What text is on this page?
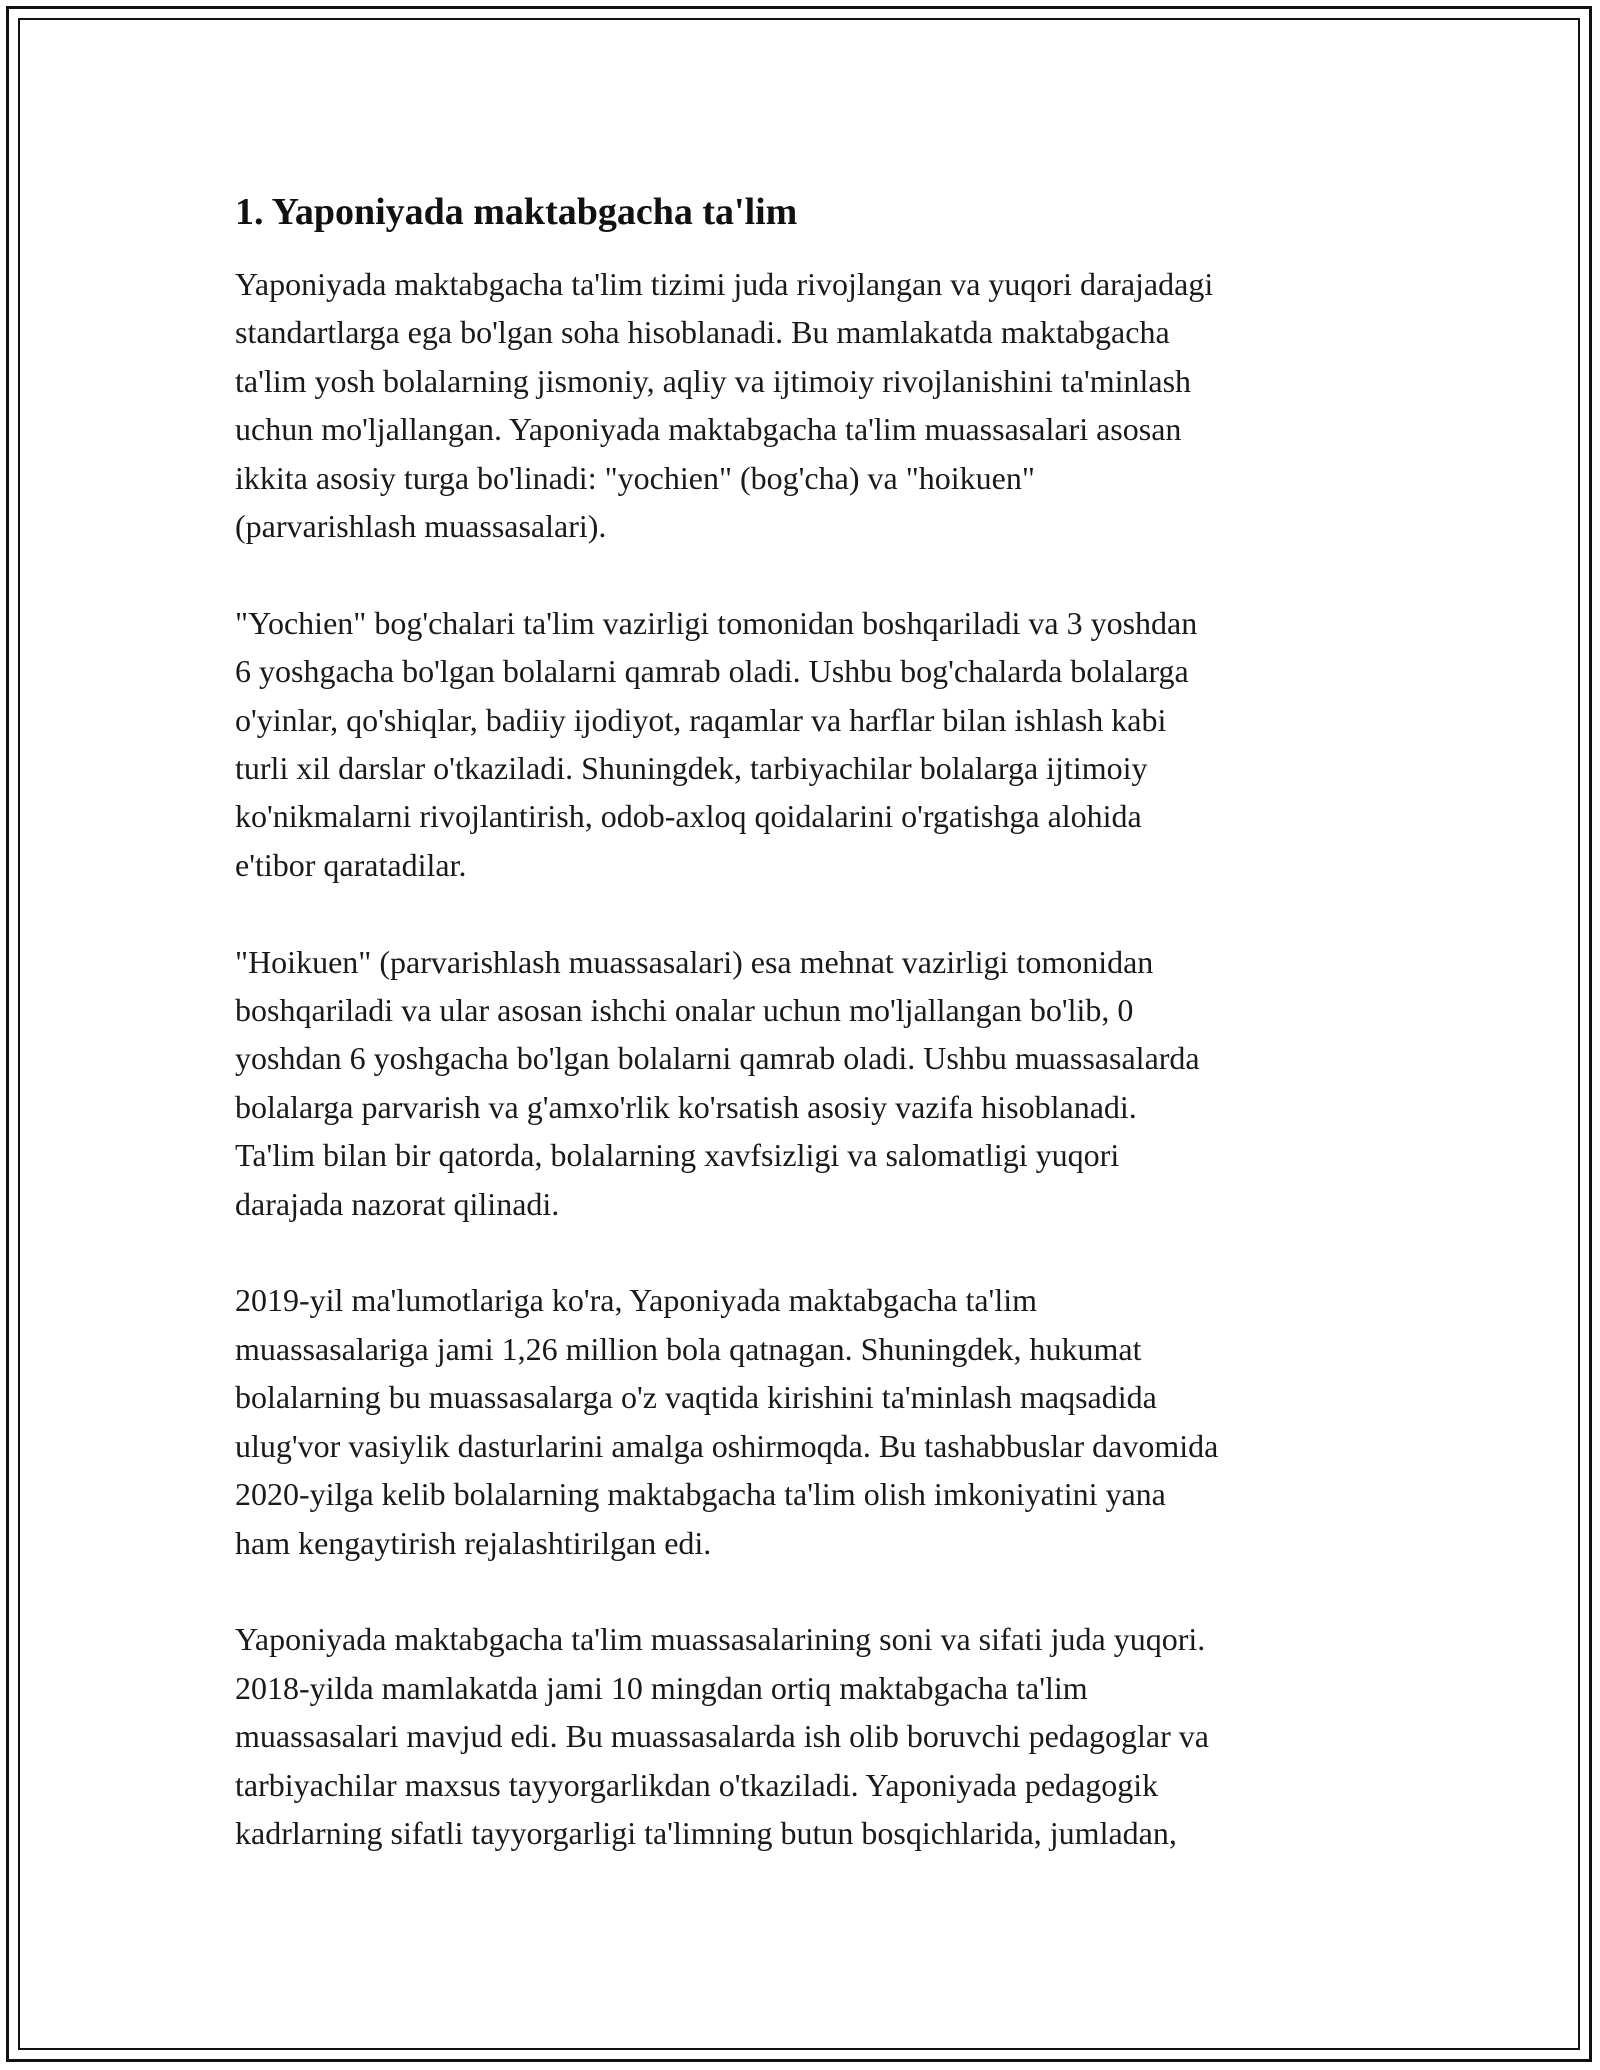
1. Yaponiyada maktabgacha ta'lim

Yaponiyada maktabgacha ta'lim tizimi juda rivojlangan va yuqori darajadagi
standartlarga ega bo'lgan soha hisoblanadi. Bu mamlakatda maktabgacha
ta'lim yosh bolalarning jismoniy, aqliy va ijtimoiy rivojlanishini ta'minlash
uchun mo'ljallangan. Yaponiyada maktabgacha ta'lim muassasalari asosan
ikkita asosiy turga bo'linadi: "yochien" (bog'cha) va "hoikuen"
(parvarishlash muassasalari).

"Yochien" bog'chalari ta'lim vazirligi tomonidan boshqariladi va 3 yoshdan
6 yoshgacha bo'lgan bolalarni qamrab oladi. Ushbu bog'chalarda bolalarga
o'yinlar, qo'shiqlar, badiiy ijodiyot, raqamlar va harflar bilan ishlash kabi
turli xil darslar o'tkaziladi. Shuningdek, tarbiyachilar bolalarga ijtimoiy
ko'nikmalarni rivojlantirish, odob-axloq qoidalarini o'rgatishga alohida
e'tibor qaratadilar.

"Hoikuen" (parvarishlash muassasalari) esa mehnat vazirligi tomonidan
boshqariladi va ular asosan ishchi onalar uchun mo'ljallangan bo'lib, 0
yoshdan 6 yoshgacha bo'lgan bolalarni qamrab oladi. Ushbu muassasalarda
bolalarga parvarish va g'amxo'rlik ko'rsatish asosiy vazifa hisoblanadi.
Ta'lim bilan bir qatorda, bolalarning xavfsizligi va salomatligi yuqori
darajada nazorat qilinadi.

2019-yil ma'lumotlariga ko'ra, Yaponiyada maktabgacha ta'lim
muassasalariga jami 1,26 million bola qatnagan. Shuningdek, hukumat
bolalarning bu muassasalarga o'z vaqtida kirishini ta'minlash maqsadida
ulug'vor vasiylik dasturlarini amalga oshirmoqda. Bu tashabbuslar davomida
2020-yilga kelib bolalarning maktabgacha ta'lim olish imkoniyatini yana
ham kengaytirish rejalashtirilgan edi.

Yaponiyada maktabgacha ta'lim muassasalarining soni va sifati juda yuqori.
2018-yilda mamlakatda jami 10 mingdan ortiq maktabgacha ta'lim
muassasalari mavjud edi. Bu muassasalarda ish olib boruvchi pedagoglar va
tarbiyachilar maxsus tayyorgarlikdan o'tkaziladi. Yaponiyada pedagogik
kadrlarning sifatli tayyorgarligi ta'limning butun bosqichlarida, jumladan,
